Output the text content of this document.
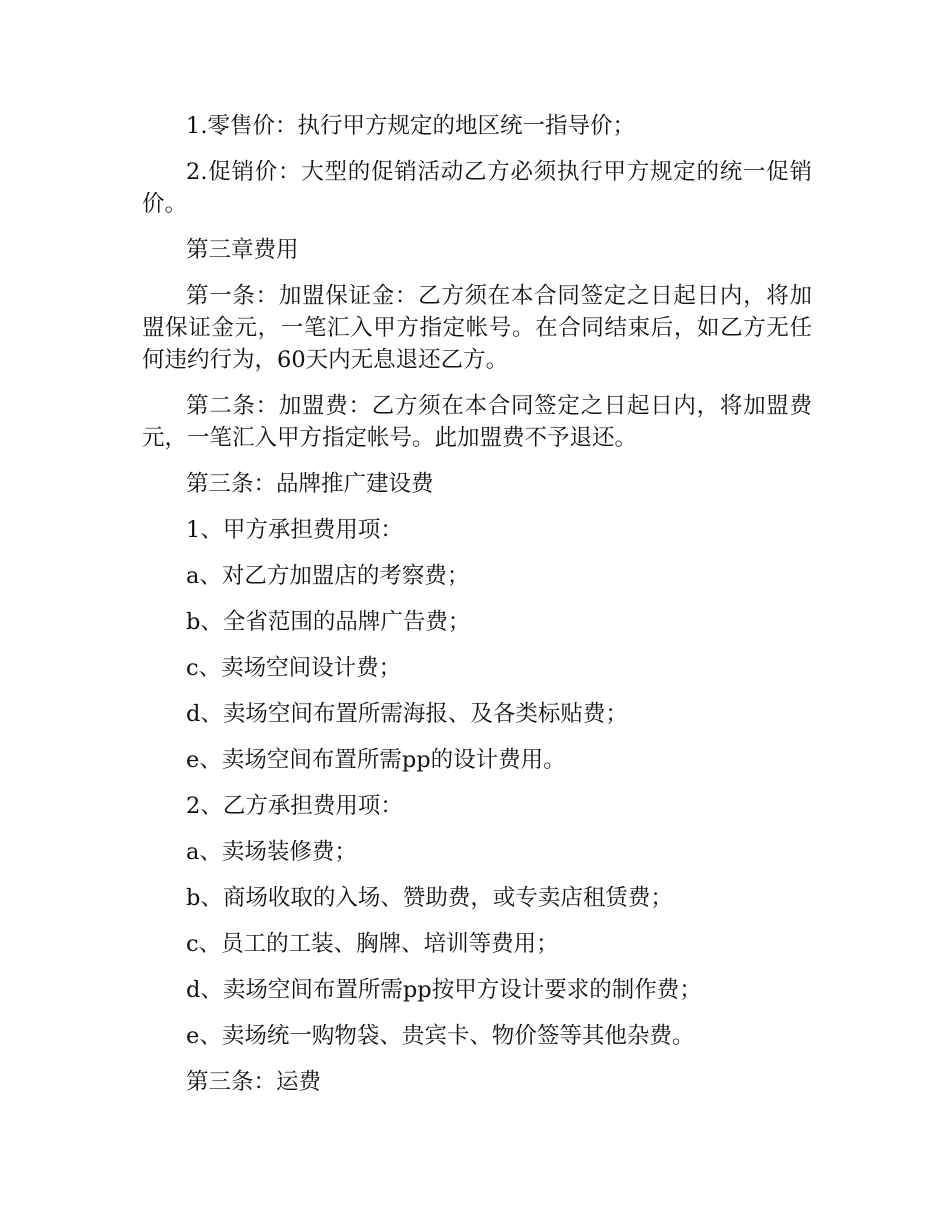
1.零售价：执行甲方规定的地区统一指导价；

2.促销价：大型的促销活动乙方必须执行甲方规定的统一促销价。

第三章费用

第一条：加盟保证金：乙方须在本合同签定之日起日内，将加盟保证金元，一笔汇入甲方指定帐号。在合同结束后，如乙方无任何违约行为，60天内无息退还乙方。

第二条：加盟费：乙方须在本合同签定之日起日内，将加盟费元，一笔汇入甲方指定帐号。此加盟费不予退还。

第三条：品牌推广建设费

1、甲方承担费用项：

a、对乙方加盟店的考察费；

b、全省范围的品牌广告费；

c、卖场空间设计费；

d、卖场空间布置所需海报、及各类标贴费；

e、卖场空间布置所需pp的设计费用。

2、乙方承担费用项：

a、卖场装修费；

b、商场收取的入场、赞助费，或专卖店租赁费；

c、员工的工装、胸牌、培训等费用；

d、卖场空间布置所需pp按甲方设计要求的制作费；

e、卖场统一购物袋、贵宾卡、物价签等其他杂费。

第三条：运费
